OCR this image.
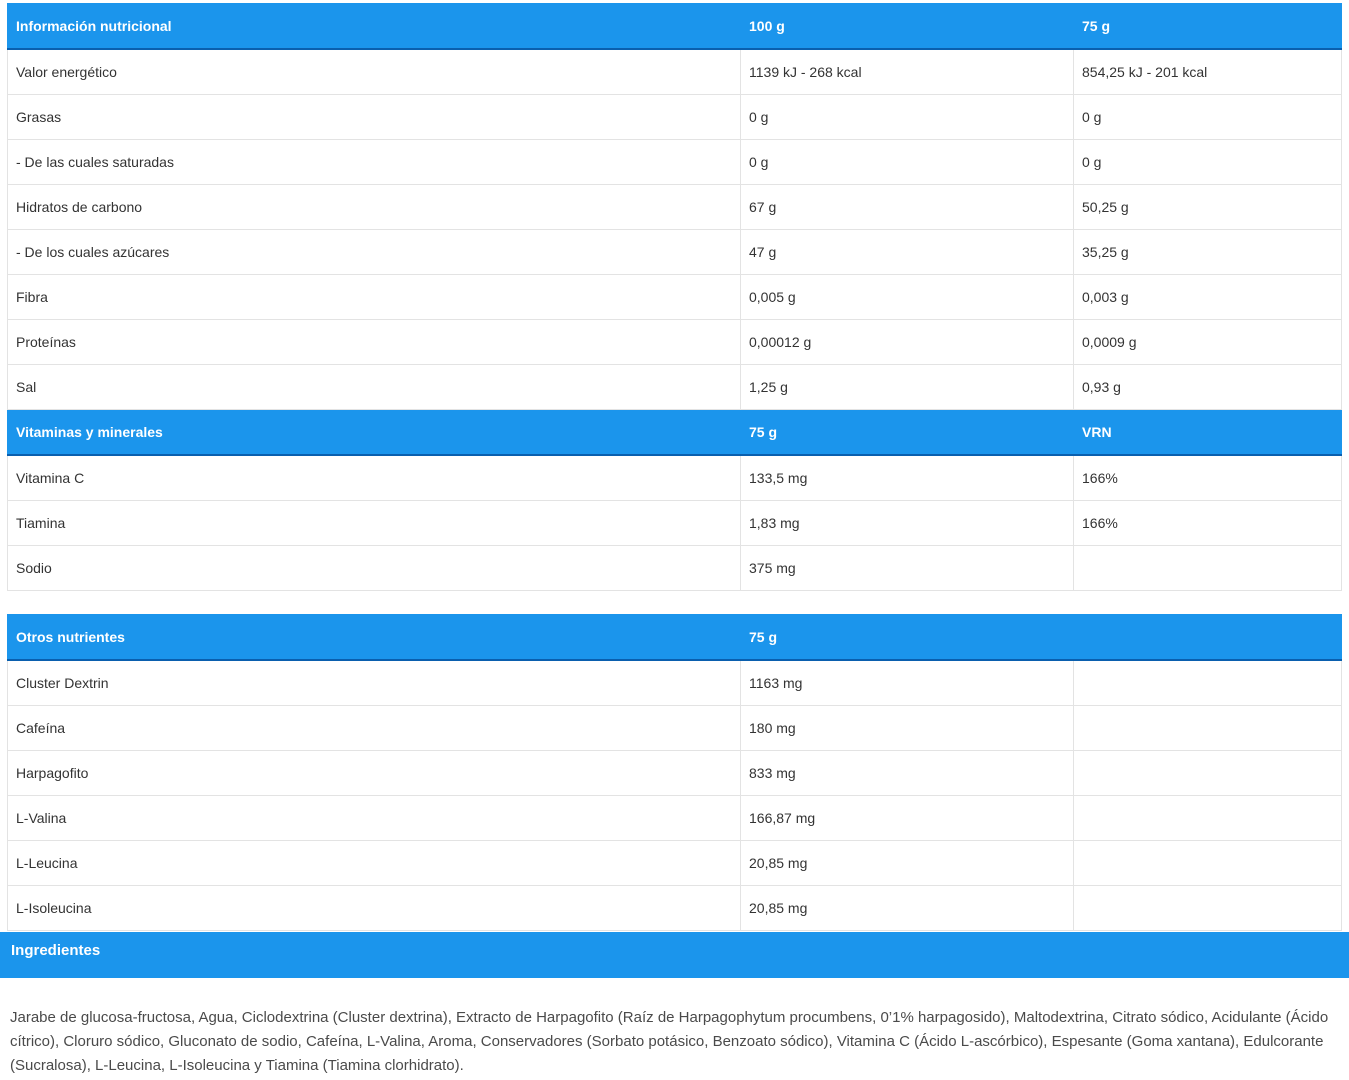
Información nutricional	100 g	75 g
Valor energético	1139 kJ - 268 kcal	854,25 kJ - 201 kcal
Grasas	0 g	0 g
- De las cuales saturadas	0 g	0 g
Hidratos de carbono	67 g	50,25 g
- De los cuales azúcares	47 g	35,25 g
Fibra	0,005 g	0,003 g
Proteínas	0,00012 g	0,0009 g
Sal	1,25 g	0,93 g
Vitaminas y minerales	75 g	VRN
Vitamina C	133,5 mg	166%
Tiamina	1,83 mg	166%
Sodio	375 mg	
Otros nutrientes	75 g	
Cluster Dextrin	1163 mg	
Cafeína	180 mg	
Harpagofito	833 mg	
L-Valina	166,87 mg	
L-Leucina	20,85 mg	
L-Isoleucina	20,85 mg	
Ingredientes
Jarabe de glucosa-fructosa, Agua, Ciclodextrina (Cluster dextrina), Extracto de Harpagofito (Raíz de Harpagophytum procumbens, 0’1% harpagosido), Maltodextrina, Citrato sódico, Acidulante (Ácido cítrico), Cloruro sódico, Gluconato de sodio, Cafeína, L-Valina, Aroma, Conservadores (Sorbato potásico, Benzoato sódico), Vitamina C (Ácido L-ascórbico), Espesante (Goma xantana), Edulcorante (Sucralosa), L-Leucina, L-Isoleucina y Tiamina (Tiamina clorhidrato).
